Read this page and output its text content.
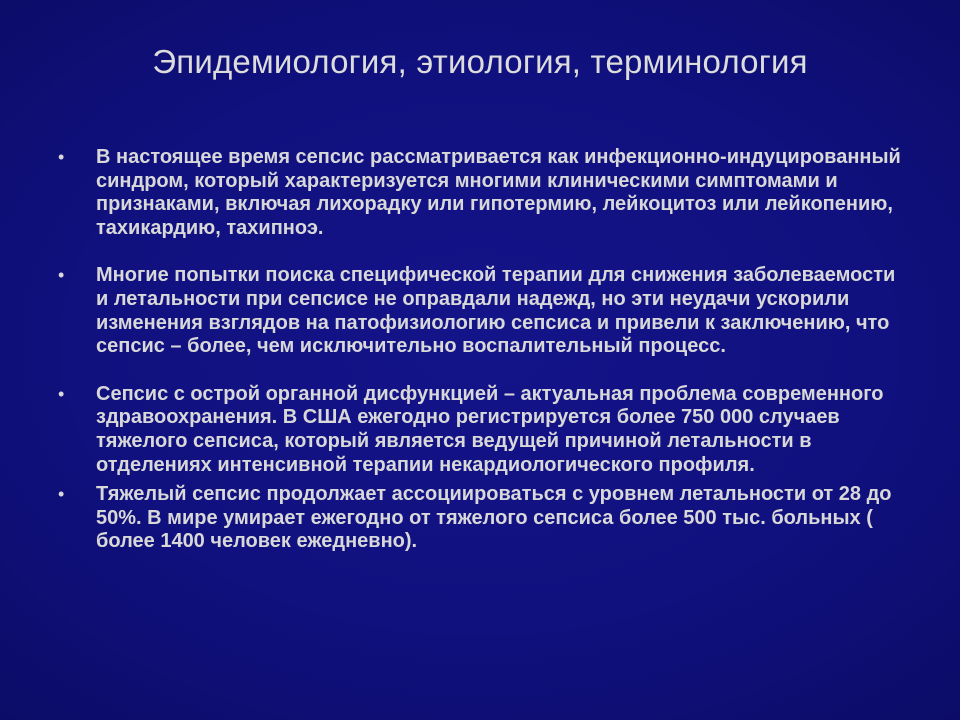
Эпидемиология, этиология, терминология
• В настоящее время сепсис рассматривается как инфекционно-индуцированный синдром, который характеризуется многими клиническими симптомами и признаками, включая лихорадку или гипотермию, лейкоцитоз или лейкопению, тахикардию, тахипноэ.
• Многие попытки поиска специфической терапии для снижения заболеваемости и летальности при сепсисе не оправдали надежд, но эти неудачи ускорили изменения взглядов на патофизиологию сепсиса и привели к заключению, что сепсис – более, чем исключительно воспалительный процесс.
• Сепсис с острой органной дисфункцией – актуальная проблема современного здравоохранения. В США ежегодно регистрируется более 750 000 случаев тяжелого сепсиса, который является ведущей причиной летальности в отделениях интенсивной терапии некардиологического профиля.
• Тяжелый сепсис продолжает ассоциироваться с уровнем летальности от 28 до 50%. В мире умирает ежегодно от тяжелого сепсиса более 500 тыс. больных ( более 1400 человек ежедневно).
